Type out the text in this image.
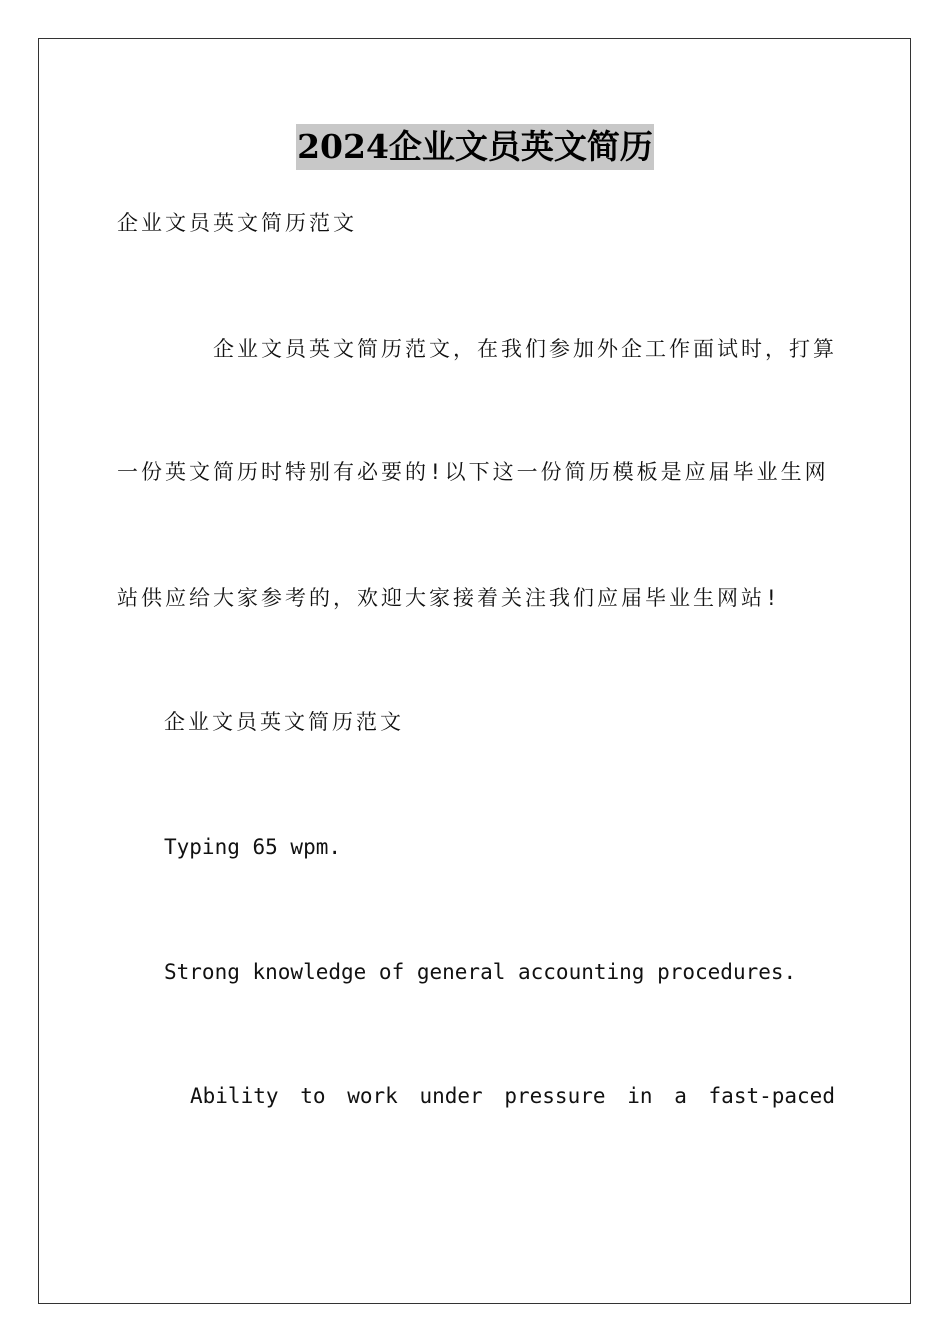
2024企业文员英文简历
企业文员英文简历范文
企业文员英文简历范文，在我们参加外企工作面试时，打算
一份英文简历时特别有必要的!以下这一份简历模板是应届毕业生网
站供应给大家参考的，欢迎大家接着关注我们应届毕业生网站!
企业文员英文简历范文
Typing 65 wpm.
Strong knowledge of general accounting procedures.
Ability to work under pressure in a fast-paced
